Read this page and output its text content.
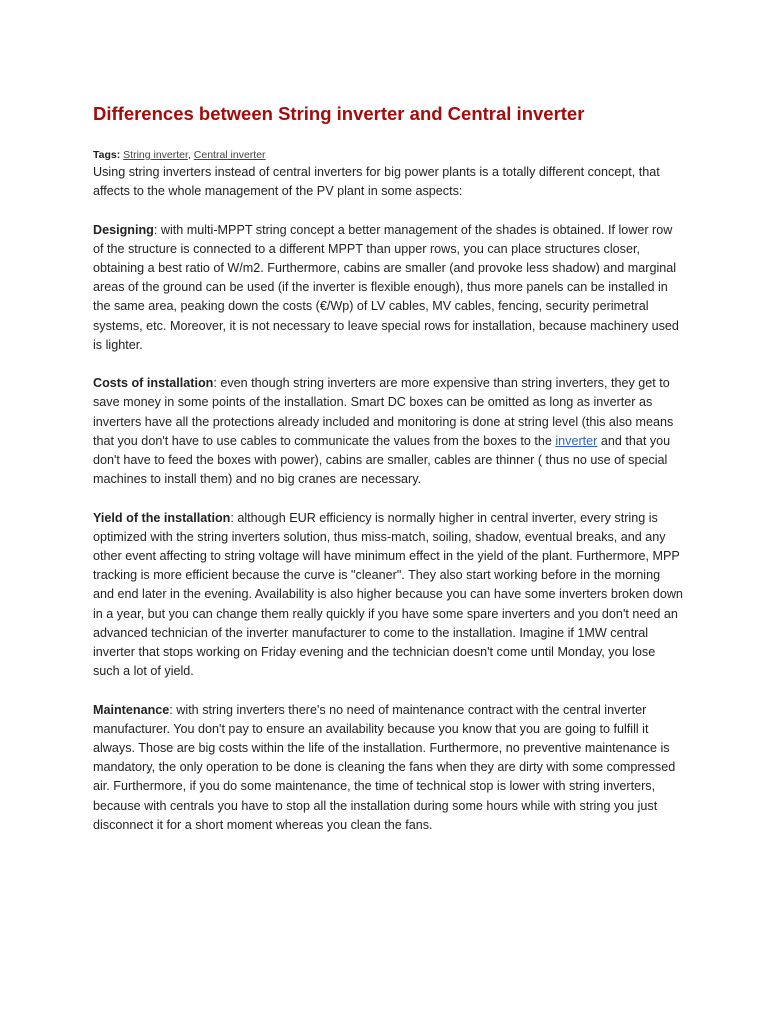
Differences between String inverter and Central inverter
Tags: String inverter, Central inverter

Using string inverters instead of central inverters for big power plants is a totally different concept, that affects to the whole management of the PV plant in some aspects:

Designing: with multi-MPPT string concept a better management of the shades is obtained. If lower row of the structure is connected to a different MPPT than upper rows, you can place structures closer, obtaining a best ratio of W/m2. Furthermore, cabins are smaller (and provoke less shadow) and marginal areas of the ground can be used (if the inverter is flexible enough), thus more panels can be installed in the same area, peaking down the costs (€/Wp) of LV cables, MV cables, fencing, security perimetral systems, etc. Moreover, it is not necessary to leave special rows for installation, because machinery used is lighter.

Costs of installation: even though string inverters are more expensive than string inverters, they get to save money in some points of the installation. Smart DC boxes can be omitted as long as inverter as inverters have all the protections already included and monitoring is done at string level (this also means that you don't have to use cables to communicate the values from the boxes to the inverter and that you don't have to feed the boxes with power), cabins are smaller, cables are thinner ( thus no use of special machines to install them) and no big cranes are necessary.

Yield of the installation: although EUR efficiency is normally higher in central inverter, every string is optimized with the string inverters solution, thus miss-match, soiling, shadow, eventual breaks, and any other event affecting to string voltage will have minimum effect in the yield of the plant. Furthermore, MPP tracking is more efficient because the curve is "cleaner". They also start working before in the morning and end later in the evening. Availability is also higher because you can have some inverters broken down in a year, but you can change them really quickly if you have some spare inverters and you don't need an advanced technician of the inverter manufacturer to come to the installation. Imagine if 1MW central inverter that stops working on Friday evening and the technician doesn't come until Monday, you lose such a lot of yield.

Maintenance: with string inverters there's no need of maintenance contract with the central inverter manufacturer. You don't pay to ensure an availability because you know that you are going to fulfill it always. Those are big costs within the life of the installation. Furthermore, no preventive maintenance is mandatory, the only operation to be done is cleaning the fans when they are dirty with some compressed air. Furthermore, if you do some maintenance, the time of technical stop is lower with string inverters, because with centrals you have to stop all the installation during some hours while with string you just disconnect it for a short moment whereas you clean the fans.
